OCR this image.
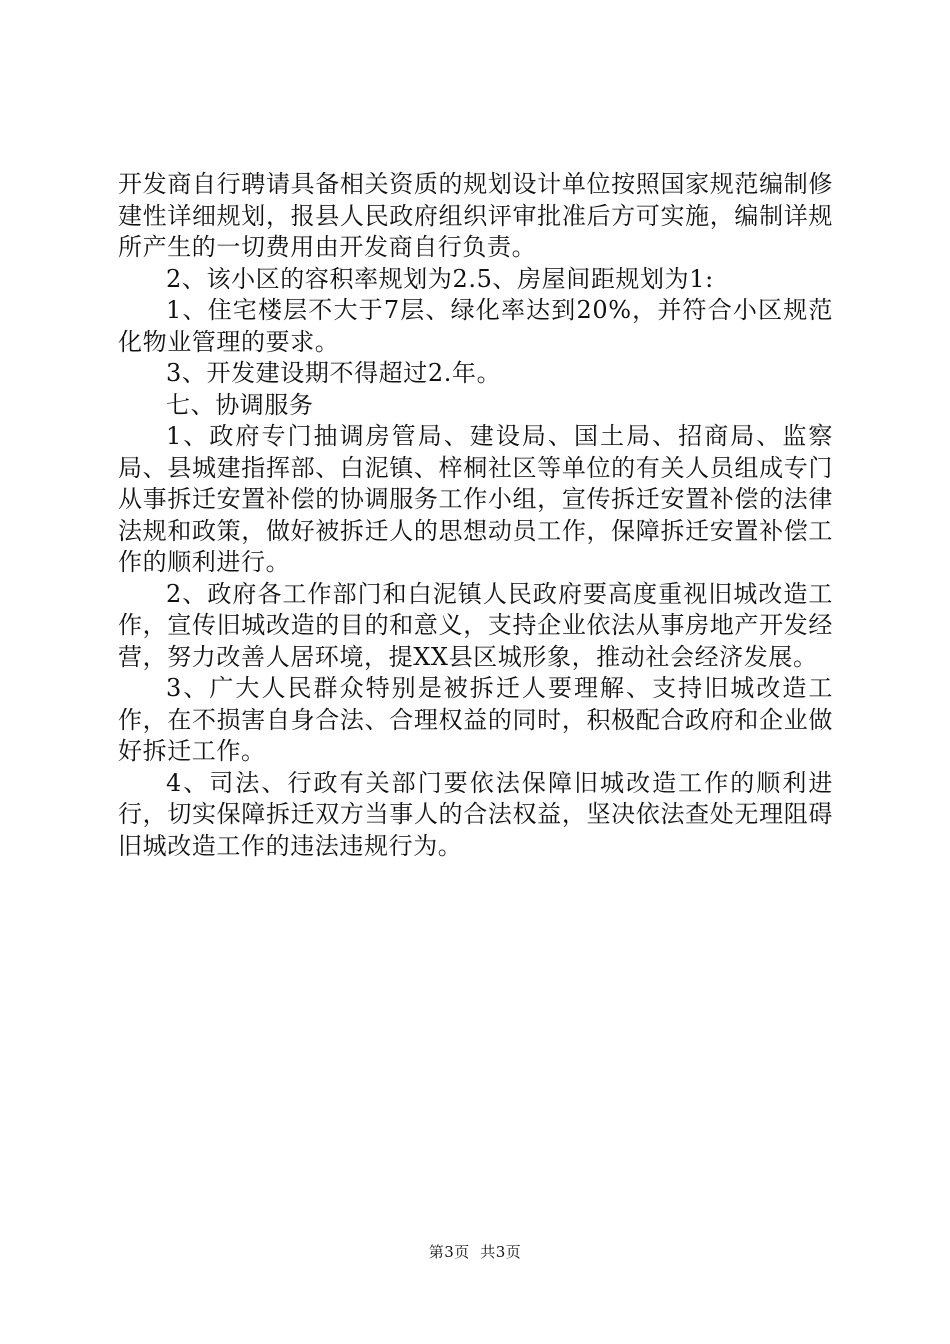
开发商自行聘请具备相关资质的规划设计单位按照国家规范编制修建性详细规划，报县人民政府组织评审批准后方可实施，编制详规所产生的一切费用由开发商自行负责。

2、该小区的容积率规划为2.5、房屋间距规划为1:

1、住宅楼层不大于7层、绿化率达到20%，并符合小区规范化物业管理的要求。

3、开发建设期不得超过2.年。

七、协调服务

1、政府专门抽调房管局、建设局、国土局、招商局、监察局、县城建指挥部、白泥镇、梓桐社区等单位的有关人员组成专门从事拆迁安置补偿的协调服务工作小组，宣传拆迁安置补偿的法律法规和政策，做好被拆迁人的思想动员工作，保障拆迁安置补偿工作的顺利进行。

2、政府各工作部门和白泥镇人民政府要高度重视旧城改造工作，宣传旧城改造的目的和意义，支持企业依法从事房地产开发经营，努力改善人居环境，提XX县区城形象，推动社会经济发展。

3、广大人民群众特别是被拆迁人要理解、支持旧城改造工作，在不损害自身合法、合理权益的同时，积极配合政府和企业做好拆迁工作。

4、司法、行政有关部门要依法保障旧城改造工作的顺利进行，切实保障拆迁双方当事人的合法权益，坚决依法查处无理阻碍旧城改造工作的违法违规行为。

第3页  共3页
